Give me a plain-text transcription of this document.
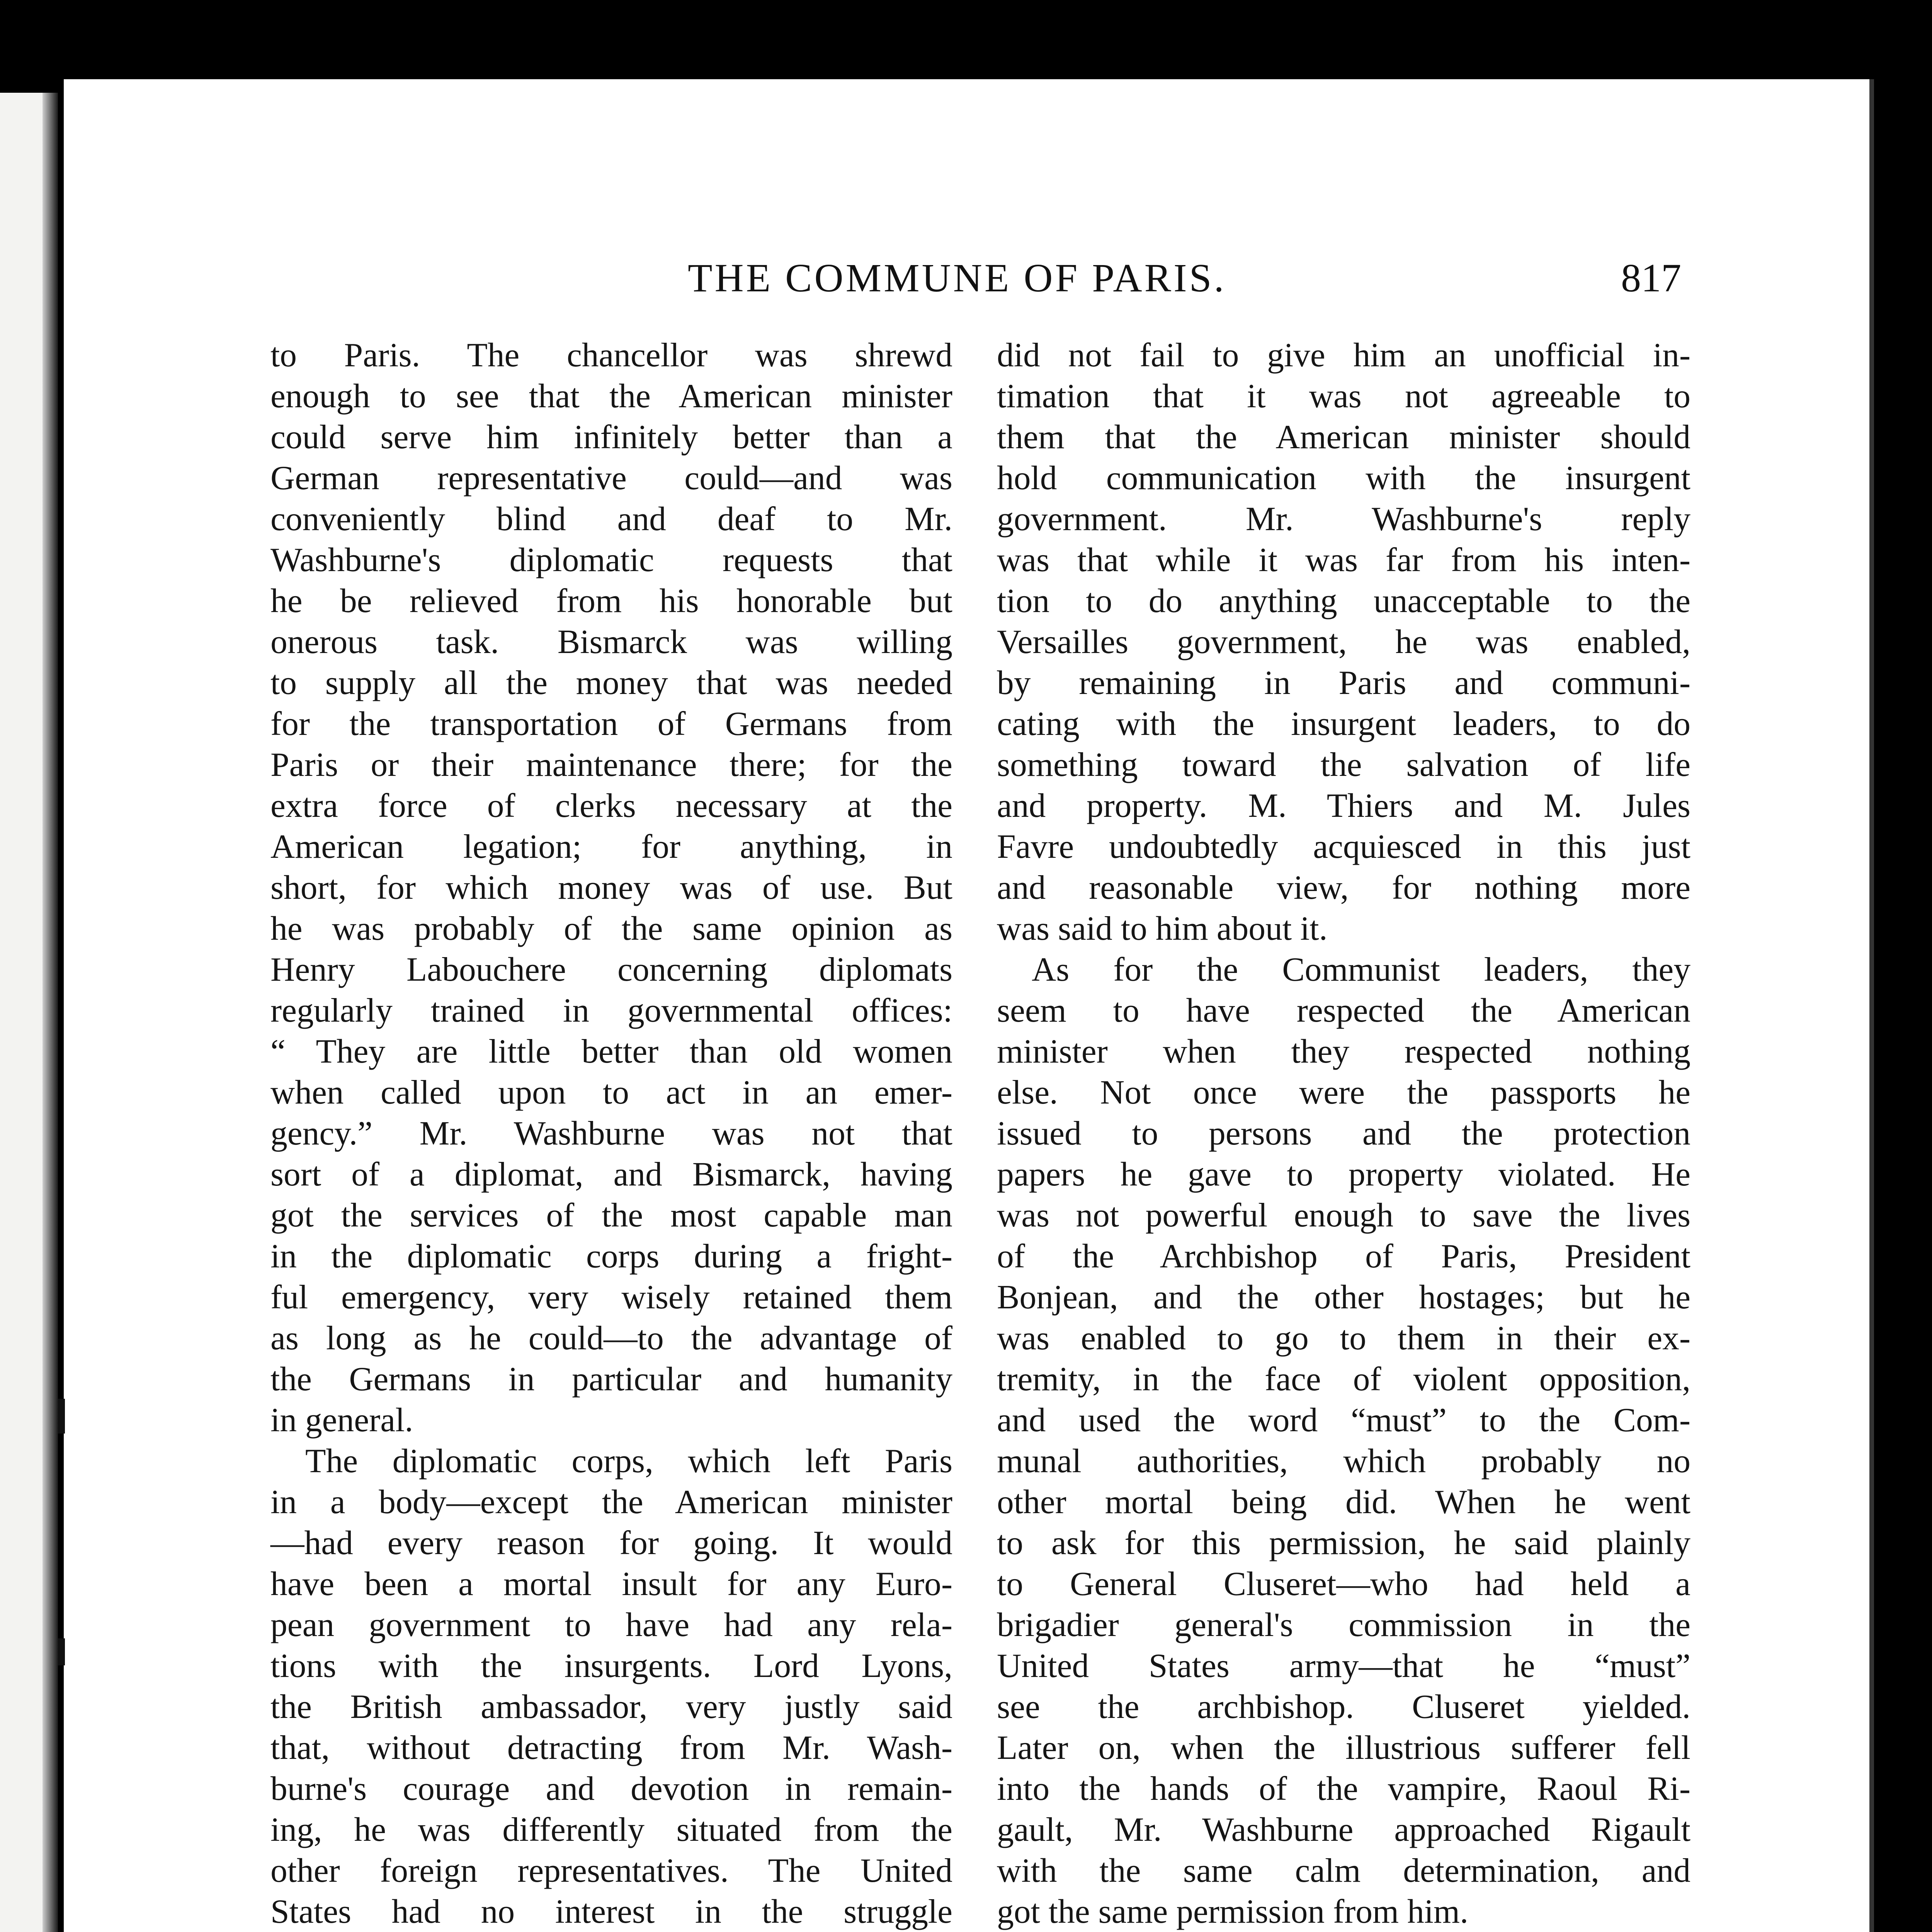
THE COMMUNE OF PARIS.	817
to Paris. The chancellor was shrewd
enough to see that the American minister
could serve him infinitely better than a
German representative could—and was
conveniently blind and deaf to Mr.
Washburne's diplomatic requests that
he be relieved from his honorable but
onerous task. Bismarck was willing
to supply all the money that was needed
for the transportation of Germans from
Paris or their maintenance there; for the
extra force of clerks necessary at the
American legation; for anything, in
short, for which money was of use. But
he was probably of the same opinion as
Henry Labouchere concerning diplomats
regularly trained in governmental offices:
“ They are little better than old women
when called upon to act in an emer-
gency.” Mr. Washburne was not that
sort of a diplomat, and Bismarck, having
got the services of the most capable man
in the diplomatic corps during a fright-
ful emergency, very wisely retained them
as long as he could—to the advantage of
the Germans in particular and humanity
in general.
The diplomatic corps, which left Paris
in a body—except the American minister
—had every reason for going. It would
have been a mortal insult for any Euro-
pean government to have had any rela-
tions with the insurgents. Lord Lyons,
the British ambassador, very justly said
that, without detracting from Mr. Wash-
burne's courage and devotion in remain-
ing, he was differently situated from the
other foreign representatives. The United
States had no interest in the struggle
did not fail to give him an unofficial in-
timation that it was not agreeable to
them that the American minister should
hold communication with the insurgent
government. Mr. Washburne's reply
was that while it was far from his inten-
tion to do anything unacceptable to the
Versailles government, he was enabled,
by remaining in Paris and communi-
cating with the insurgent leaders, to do
something toward the salvation of life
and property. M. Thiers and M. Jules
Favre undoubtedly acquiesced in this just
and reasonable view, for nothing more
was said to him about it.
As for the Communist leaders, they
seem to have respected the American
minister when they respected nothing
else. Not once were the passports he
issued to persons and the protection
papers he gave to property violated. He
was not powerful enough to save the lives
of the Archbishop of Paris, President
Bonjean, and the other hostages; but he
was enabled to go to them in their ex-
tremity, in the face of violent opposition,
and used the word “must” to the Com-
munal authorities, which probably no
other mortal being did. When he went
to ask for this permission, he said plainly
to General Cluseret—who had held a
brigadier general's commission in the
United States army—that he “must”
see the archbishop. Cluseret yielded.
Later on, when the illustrious sufferer fell
into the hands of the vampire, Raoul Ri-
gault, Mr. Washburne approached Rigault
with the same calm determination, and
got the same permission from him.
